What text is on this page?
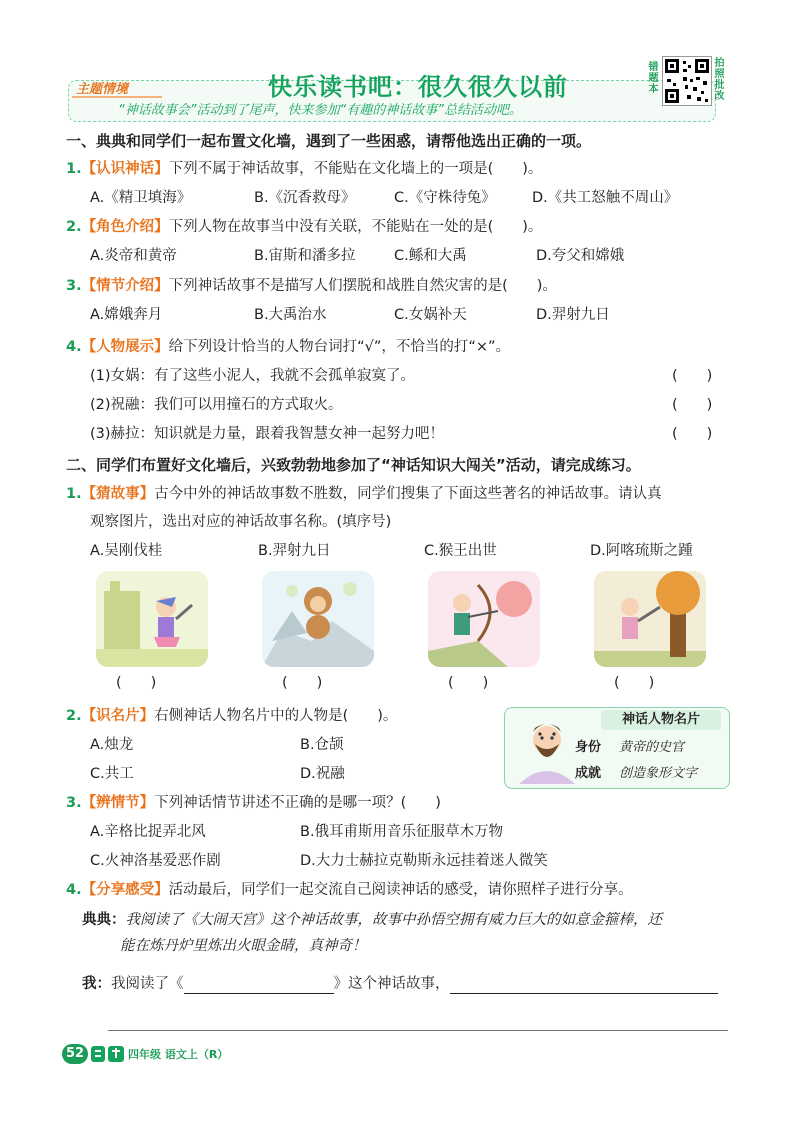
主题情境	快乐读书吧：很久很久以前
“神话故事会”活动到了尾声，快来参加“有趣的神话故事”总结活动吧。
错题本
拍照批改
一、典典和同学们一起布置文化墙，遇到了一些困惑，请帮他选出正确的一项。
1.【认识神话】下列不属于神话故事，不能贴在文化墙上的一项是(　　)。
A.《精卫填海》	B.《沉香救母》	C.《守株待兔》	D.《共工怒触不周山》
2.【角色介绍】下列人物在故事当中没有关联，不能贴在一处的是(　　)。
A.炎帝和黄帝	B.宙斯和潘多拉	C.鲧和大禹	D.夸父和嫦娥
3.【情节介绍】下列神话故事不是描写人们摆脱和战胜自然灾害的是(　　)。
A.嫦娥奔月	B.大禹治水	C.女娲补天	D.羿射九日
4.【人物展示】给下列设计恰当的人物台词打“√”，不恰当的打“×”。
(1)女娲：有了这些小泥人，我就不会孤单寂寞了。	(　　)
(2)祝融：我们可以用撞石的方式取火。	(　　)
(3)赫拉：知识就是力量，跟着我智慧女神一起努力吧！	(　　)
二、同学们布置好文化墙后，兴致勃勃地参加了“神话知识大闯关”活动，请完成练习。
1.【猜故事】古今中外的神话故事数不胜数，同学们搜集了下面这些著名的神话故事。请认真
观察图片，选出对应的神话故事名称。(填序号)
A.吴刚伐桂	B.羿射九日	C.猴王出世	D.阿喀琉斯之踵
(　　)	(　　)	(　　)	(　　)
2.【识名片】右侧神话人物名片中的人物是(　　)。
A.烛龙	B.仓颉
C.共工	D.祝融
神话人物名片
身份 黄帝的史官
成就 创造象形文字
3.【辨情节】下列神话情节讲述不正确的是哪一项？(　　)
A.辛格比捉弄北风	B.俄耳甫斯用音乐征服草木万物
C.火神洛基爱恶作剧	D.大力士赫拉克勒斯永远挂着迷人微笑
4.【分享感受】活动最后，同学们一起交流自己阅读神话的感受，请你照样子进行分享。
典典：我阅读了《大闹天宫》这个神话故事，故事中孙悟空拥有威力巨大的如意金箍棒，还
能在炼丹炉里炼出火眼金睛，真神奇！
我：我阅读了《	》这个神话故事，
52	四年级 语文上（R）
